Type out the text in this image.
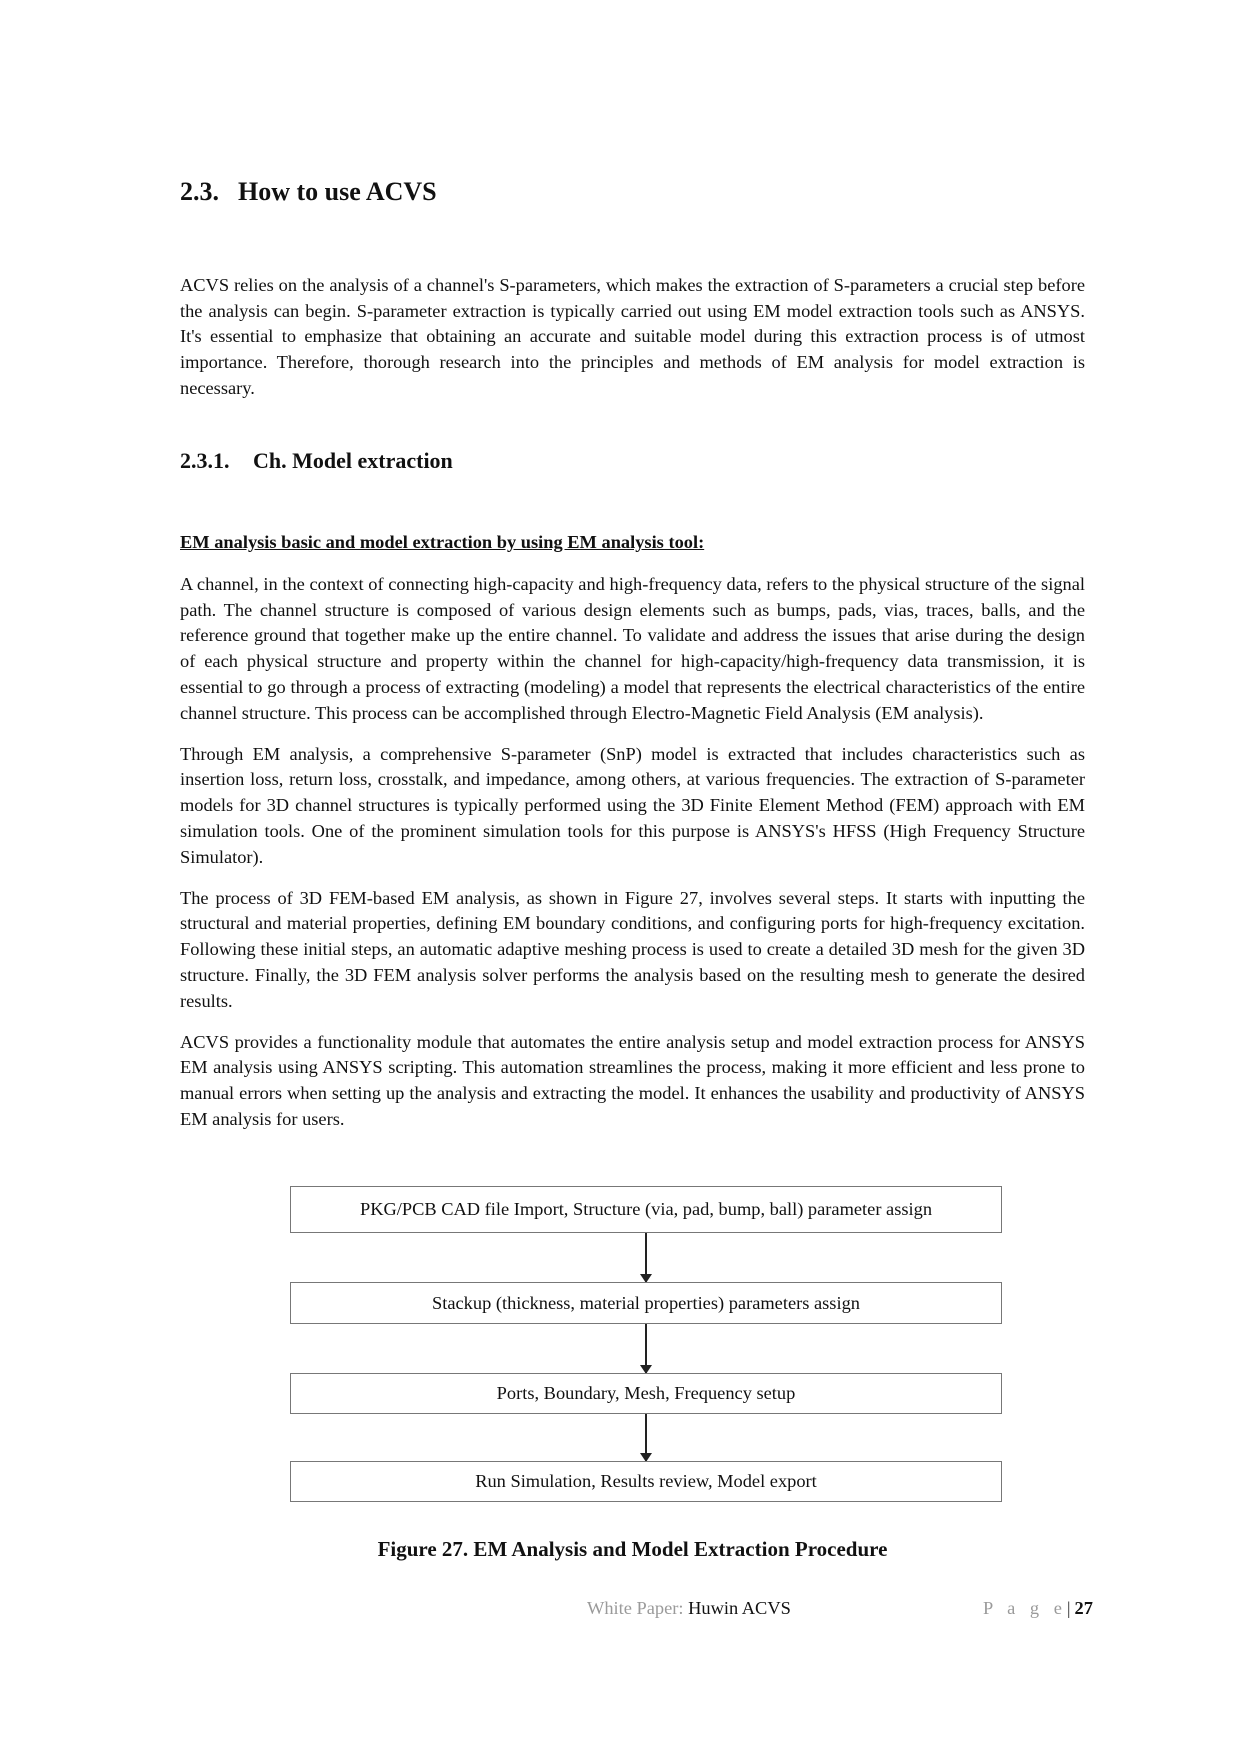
2.3. How to use ACVS

ACVS relies on the analysis of a channel's S-parameters, which makes the extraction of S-parameters a crucial step before the analysis can begin. S-parameter extraction is typically carried out using EM model extraction tools such as ANSYS. It's essential to emphasize that obtaining an accurate and suitable model during this extraction process is of utmost importance. Therefore, thorough research into the principles and methods of EM analysis for model extraction is necessary.

2.3.1. Ch. Model extraction

EM analysis basic and model extraction by using EM analysis tool:

A channel, in the context of connecting high-capacity and high-frequency data, refers to the physical structure of the signal path. The channel structure is composed of various design elements such as bumps, pads, vias, traces, balls, and the reference ground that together make up the entire channel. To validate and address the issues that arise during the design of each physical structure and property within the channel for high-capacity/high-frequency data transmission, it is essential to go through a process of extracting (modeling) a model that represents the electrical characteristics of the entire channel structure. This process can be accomplished through Electro-Magnetic Field Analysis (EM analysis).

Through EM analysis, a comprehensive S-parameter (SnP) model is extracted that includes characteristics such as insertion loss, return loss, crosstalk, and impedance, among others, at various frequencies. The extraction of S-parameter models for 3D channel structures is typically performed using the 3D Finite Element Method (FEM) approach with EM simulation tools. One of the prominent simulation tools for this purpose is ANSYS's HFSS (High Frequency Structure Simulator).

The process of 3D FEM-based EM analysis, as shown in Figure 27, involves several steps. It starts with inputting the structural and material properties, defining EM boundary conditions, and configuring ports for high-frequency excitation. Following these initial steps, an automatic adaptive meshing process is used to create a detailed 3D mesh for the given 3D structure. Finally, the 3D FEM analysis solver performs the analysis based on the resulting mesh to generate the desired results.

ACVS provides a functionality module that automates the entire analysis setup and model extraction process for ANSYS EM analysis using ANSYS scripting. This automation streamlines the process, making it more efficient and less prone to manual errors when setting up the analysis and extracting the model. It enhances the usability and productivity of ANSYS EM analysis for users.

PKG/PCB CAD file Import, Structure (via, pad, bump, ball) parameter assign
Stackup (thickness, material properties) parameters assign
Ports, Boundary, Mesh, Frequency setup
Run Simulation, Results review, Model export

Figure 27. EM Analysis and Model Extraction Procedure

White Paper: Huwin ACVS	P a g e| 27
